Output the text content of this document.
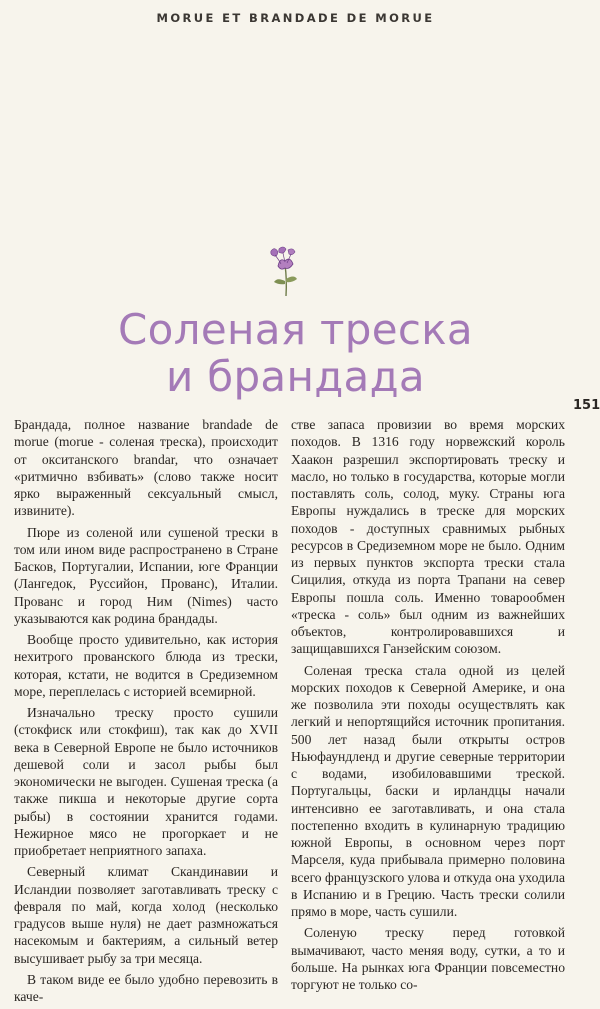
MORUE ET BRANDADE DE MORUE
Соленая треска
и брандада
151

Брандада, полное название brandade de morue (morue - соленая треска), происходит от окситанского brandar, что означает «ритмично взбивать» (слово также носит ярко выраженный сексуальный смысл, извините).

Пюре из соленой или сушеной трески в том или ином виде распространено в Стране Басков, Португалии, Испании, юге Франции (Лангедок, Руссийон, Прованс), Италии. Прованс и город Ним (Nimes) часто указываются как родина брандады.

Вообще просто удивительно, как история нехитрого прованского блюда из трески, которая, кстати, не водится в Средиземном море, переплелась с историей всемирной.

Изначально треску просто сушили (стокфиск или стокфиш), так как до XVII века в Северной Европе не было источников дешевой соли и засол рыбы был экономически не выгоден. Сушеная треска (а также пикша и некоторые другие сорта рыбы) в состоянии хранится годами. Нежирное мясо не прогоркает и не приобретает неприятного запаха.

Северный климат Скандинавии и Исландии позволяет заготавливать треску с февраля по май, когда холод (несколько градусов выше нуля) не дает размножаться насекомым и бактериям, а сильный ветер высушивает рыбу за три месяца.

В таком виде ее было удобно перевозить в каче-

стве запаса провизии во время морских походов. В 1316 году норвежский король Хаакон разрешил экспортировать треску и масло, но только в государства, которые могли поставлять соль, солод, муку. Страны юга Европы нуждались в треске для морских походов - доступных сравнимых рыбных ресурсов в Средиземном море не было. Одним из первых пунктов экспорта трески стала Сицилия, откуда из порта Трапани на север Европы пошла соль. Именно товарообмен «треска - соль» был одним из важнейших объектов, контролировавшихся и защищавшихся Ганзейским союзом.

Соленая треска стала одной из целей морских походов к Северной Америке, и она же позволила эти походы осуществлять как легкий и непортящийся источник пропитания. 500 лет назад были открыты остров Ньюфаундленд и другие северные территории с водами, изобиловавшими треской. Португальцы, баски и ирландцы начали интенсивно ее заготавливать, и она стала постепенно входить в кулинарную традицию южной Европы, в основном через порт Марселя, куда прибывала примерно половина всего французского улова и откуда она уходила в Испанию и в Грецию. Часть трески солили прямо в море, часть сушили.

Соленую треску перед готовкой вымачивают, часто меняя воду, сутки, а то и больше. На рынках юга Франции повсеместно торгуют не только со-
